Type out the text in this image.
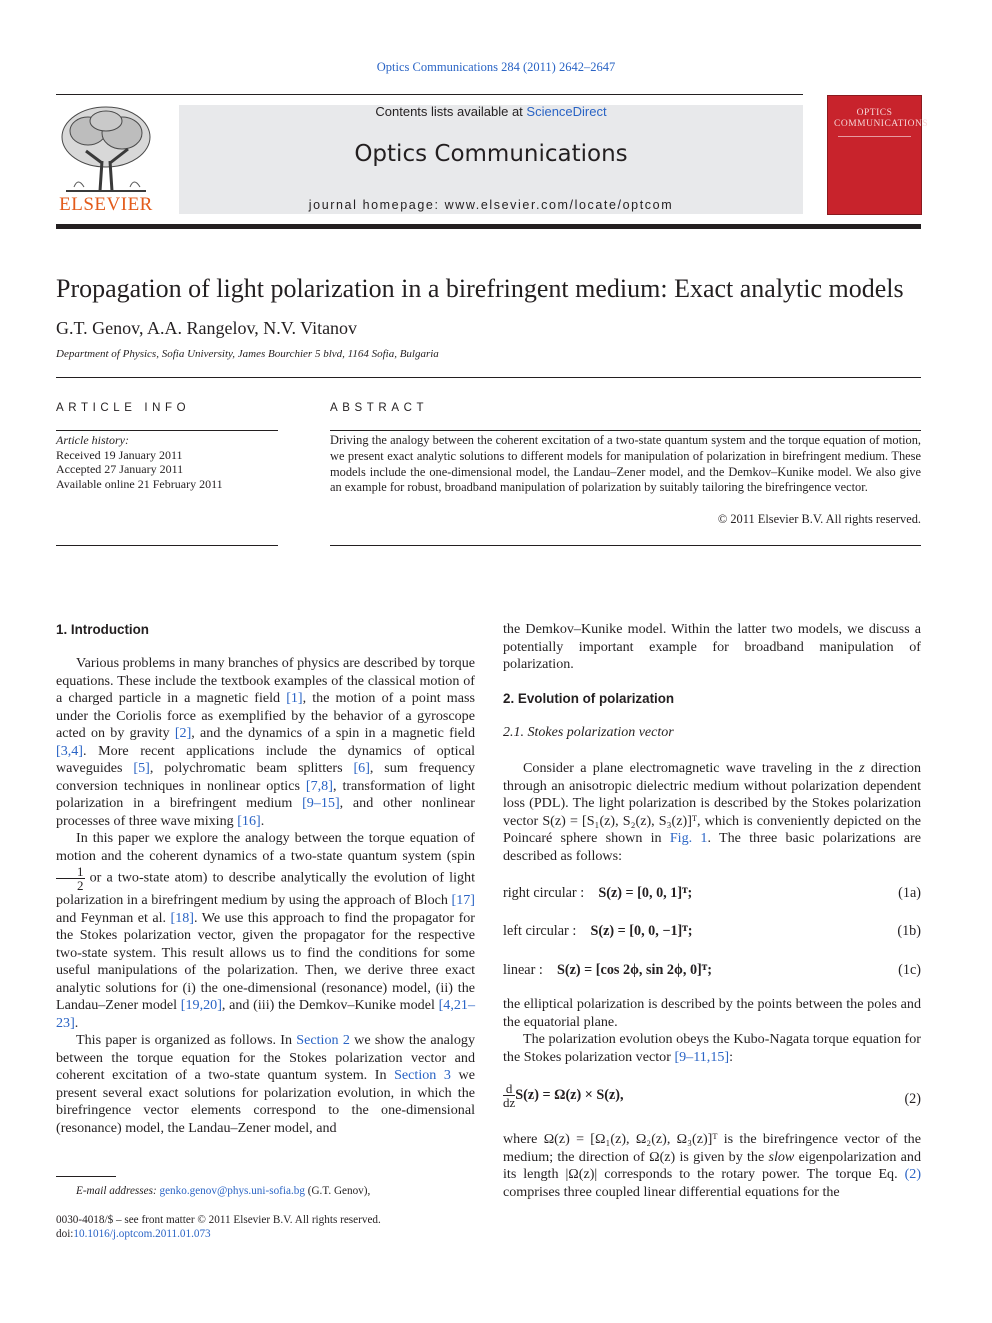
Optics Communications 284 (2011) 2642–2647
ELSEVIER
Contents lists available at ScienceDirect
Optics Communications
journal homepage: www.elsevier.com/locate/optcom
OPTICS COMMUNICATIONS
Propagation of light polarization in a birefringent medium: Exact analytic models
G.T. Genov, A.A. Rangelov, N.V. Vitanov
Department of Physics, Sofia University, James Bourchier 5 blvd, 1164 Sofia, Bulgaria
ARTICLE INFO
Article history:
Received 19 January 2011
Accepted 27 January 2011
Available online 21 February 2011
ABSTRACT
Driving the analogy between the coherent excitation of a two-state quantum system and the torque equation of motion, we present exact analytic solutions to different models for manipulation of polarization in birefringent medium. These models include the one-dimensional model, the Landau–Zener model, and the Demkov–Kunike model. We also give an example for robust, broadband manipulation of polarization by suitably tailoring the birefringence vector.
© 2011 Elsevier B.V. All rights reserved.
1. Introduction

Various problems in many branches of physics are described by torque equations. These include the textbook examples of the classical motion of a charged particle in a magnetic field [1], the motion of a point mass under the Coriolis force as exemplified by the behavior of a gyroscope acted on by gravity [2], and the dynamics of a spin in a magnetic field [3,4]. More recent applications include the dynamics of optical waveguides [5], polychromatic beam splitters [6], sum frequency conversion techniques in nonlinear optics [7,8], transformation of light polarization in a birefringent medium [9–15], and other nonlinear processes of three wave mixing [16].

In this paper we explore the analogy between the torque equation of motion and the coherent dynamics of a two-state quantum system (spin
$\frac{1}{2}$ or a two-state atom) to describe analytically the evolution of light polarization in a birefringent medium by using the approach of Bloch [17] and Feynman et al. [18]. We use this approach to find the propagator for the Stokes polarization vector, given the propagator for the respective two-state system. This result allows us to find the conditions for some useful manipulations of the polarization. Then, we derive three exact analytic solutions for (i) the one-dimensional (resonance) model, (ii) the Landau–Zener model [19,20], and (iii) the Demkov–Kunike model [4,21–23].

This paper is organized as follows. In Section 2 we show the analogy between the torque equation for the Stokes polarization vector and coherent excitation of a two-state quantum system. In Section 3 we present several exact solutions for polarization evolution, in which the birefringence vector elements correspond to the one-dimensional (resonance) model, the Landau–Zener model, and

the Demkov–Kunike model. Within the latter two models, we discuss a potentially important example for broadband manipulation of polarization.
2. Evolution of polarization
2.1. Stokes polarization vector

Consider a plane electromagnetic wave traveling in the z direction through an anisotropic dielectric medium without polarization dependent loss (PDL). The light polarization is described by the Stokes polarization vector S(z) = [S₁(z), S₂(z), S₃(z)]ᵀ, which is conveniently depicted on the Poincaré sphere shown in Fig. 1. The three basic polarizations are described as follows:

right circular : S(z) = [0, 0, 1]ᵀ;	(1a)
left circular : S(z) = [0, 0, −1]ᵀ;	(1b)
linear : S(z) = [cos 2ϕ, sin 2ϕ, 0]ᵀ;	(1c)

the elliptical polarization is described by the points between the poles and the equatorial plane.

The polarization evolution obeys the Kubo-Nagata torque equation for the Stokes polarization vector [9–11,15]:

$\frac{d}{dz} S(z) = \Omega(z) \times S(z)$,	(2)

where Ω(z) = [Ω₁(z), Ω₂(z), Ω₃(z)]ᵀ is the birefringence vector of the medium; the direction of Ω(z) is given by the slow eigenpolarization and its length |Ω(z)| corresponds to the rotary power. The torque Eq. (2) comprises three coupled linear differential equations for the

E-mail addresses: genko.genov@phys.uni-sofia.bg (G.T. Genov),
0030-4018/$ – see front matter © 2011 Elsevier B.V. All rights reserved.
doi:10.1016/j.optcom.2011.01.073
